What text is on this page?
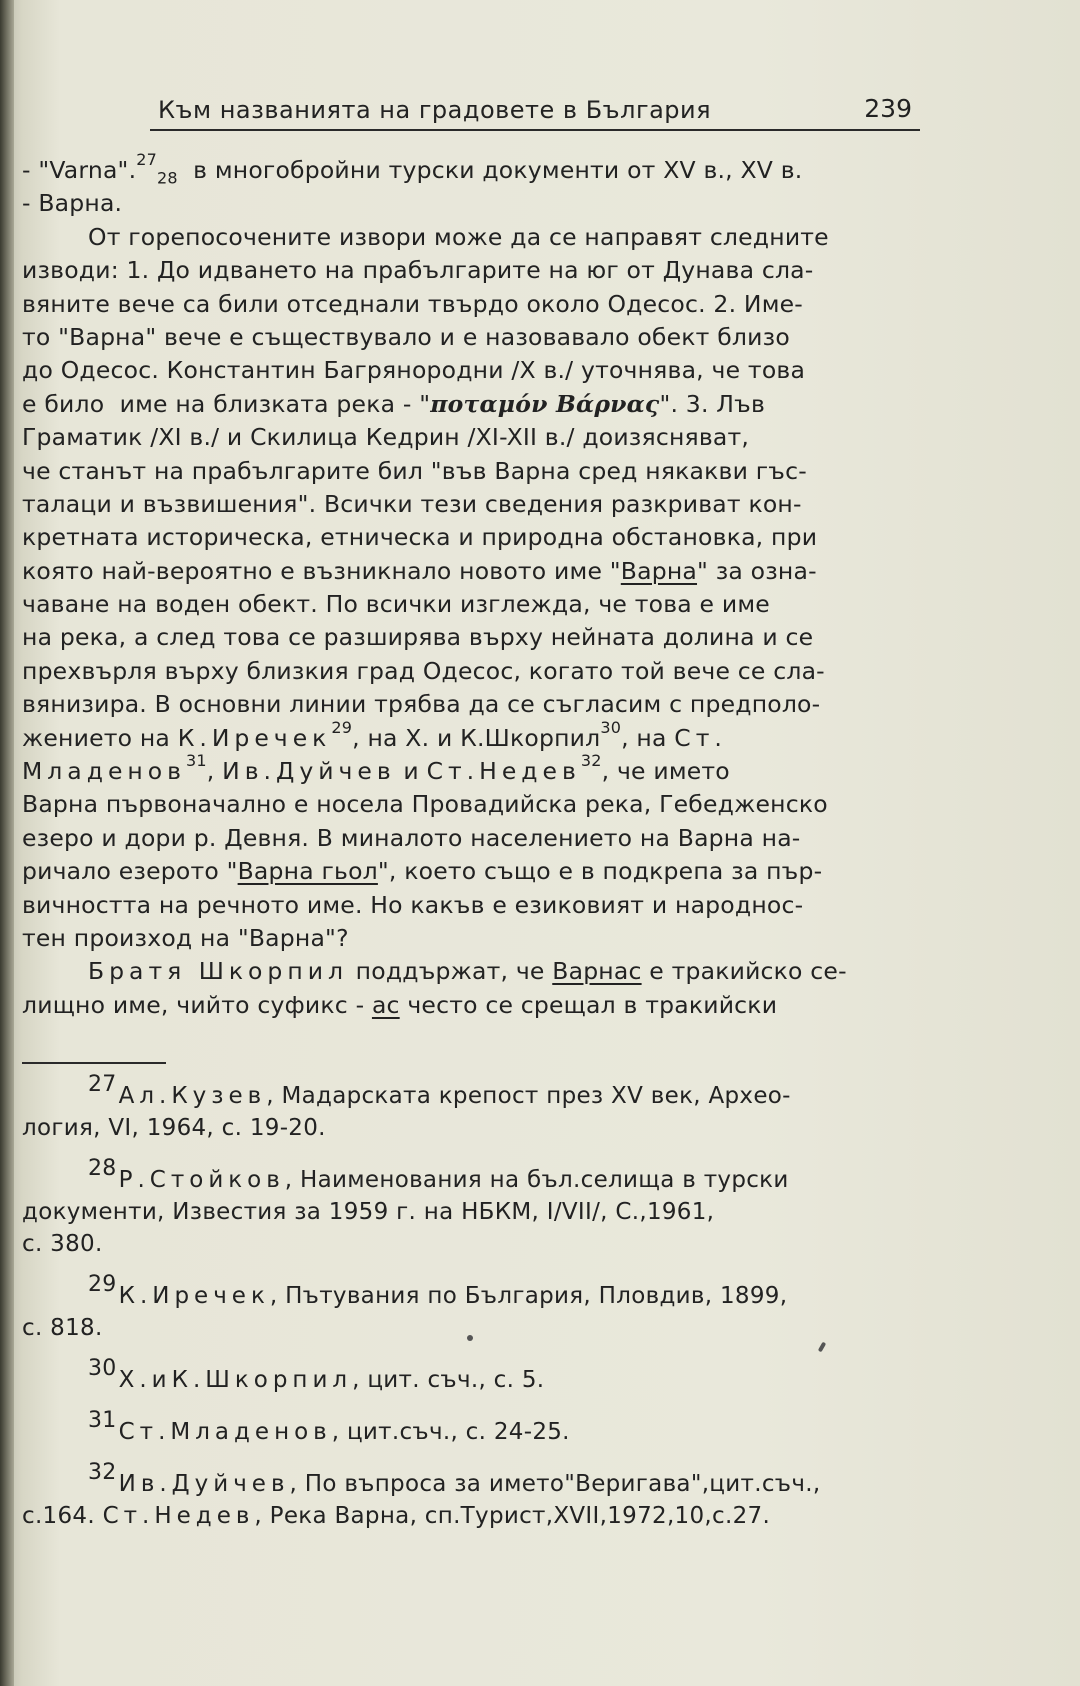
Към названията на градовете в България	239
- "Varna".$^{27}_{28}$ в многобройни турски документи от XV в., XV в.
- Варна.
От горепосочените извори може да се направят следните
изводи: 1. До идването на прабългарите на юг от Дунава сла-
вяните вече са били отседнали твърдо около Одесос. 2. Име-
то "Варна" вече е съществувало и е назовавало обект близо
до Одесос. Константин Багрянородни /X в./ уточнява, че това
е било  име на близката река - "ποταμόν Βάρνας". 3. Лъв
Граматик /XI в./ и Скилица Кедрин /XI-XII в./ доизясняват,
че станът на прабългарите бил "във Варна сред някакви гъс-
талаци и възвишения". Всички тези сведения разкриват кон-
кретната историческа, етническа и природна обстановка, при
която най-вероятно е възникнало новото име "Варна" за озна-
чаване на воден обект. По всички изглежда, че това е име
на река, а след това се разширява върху нейната долина и се
прехвърля върху близкия град Одесос, когато той вече се сла-
вянизира. В основни линии трябва да се съгласим с предполо-
жението на К.Иречек$^{29}$, на Х. и К.Шкорпил$^{30}$, на Ст.
Младенов$^{31}$, Ив.Дуйчев и Ст.Недев$^{32}$, че името
Варна първоначално е носела Провадийска река, Гебедженско
езеро и дори р. Девня. В миналото населението на Варна на-
ричало езерото "Варна гьол", което също е в подкрепа за пър-
вичността на речното име. Но какъв е езиковият и народнос-
тен произход на "Варна"?
Братя Шкорпил поддържат, че Варнас е тракийско се-
лищно име, чийто суфикс - ас често се срещал в тракийски
27Ал.Кузев, Мадарската крепост през XV век, Архео-
логия, VI, 1964, с. 19-20.
28Р.Стойков, Наименования на бъл.селища в турски
документи, Известия за 1959 г. на НБКМ, I/VII/, С.,1961,
с. 380.
29К.Иречек, Пътувания по България, Пловдив, 1899,
с. 818.
30Х.иК.Шкорпил, цит. съч., с. 5.
31Ст.Младенов, цит.съч., с. 24-25.
32Ив.Дуйчев, По въпроса за името"Веригава",цит.съч.,
с.164. Ст.Недев, Река Варна, сп.Турист,XVII,1972,10,с.27.
